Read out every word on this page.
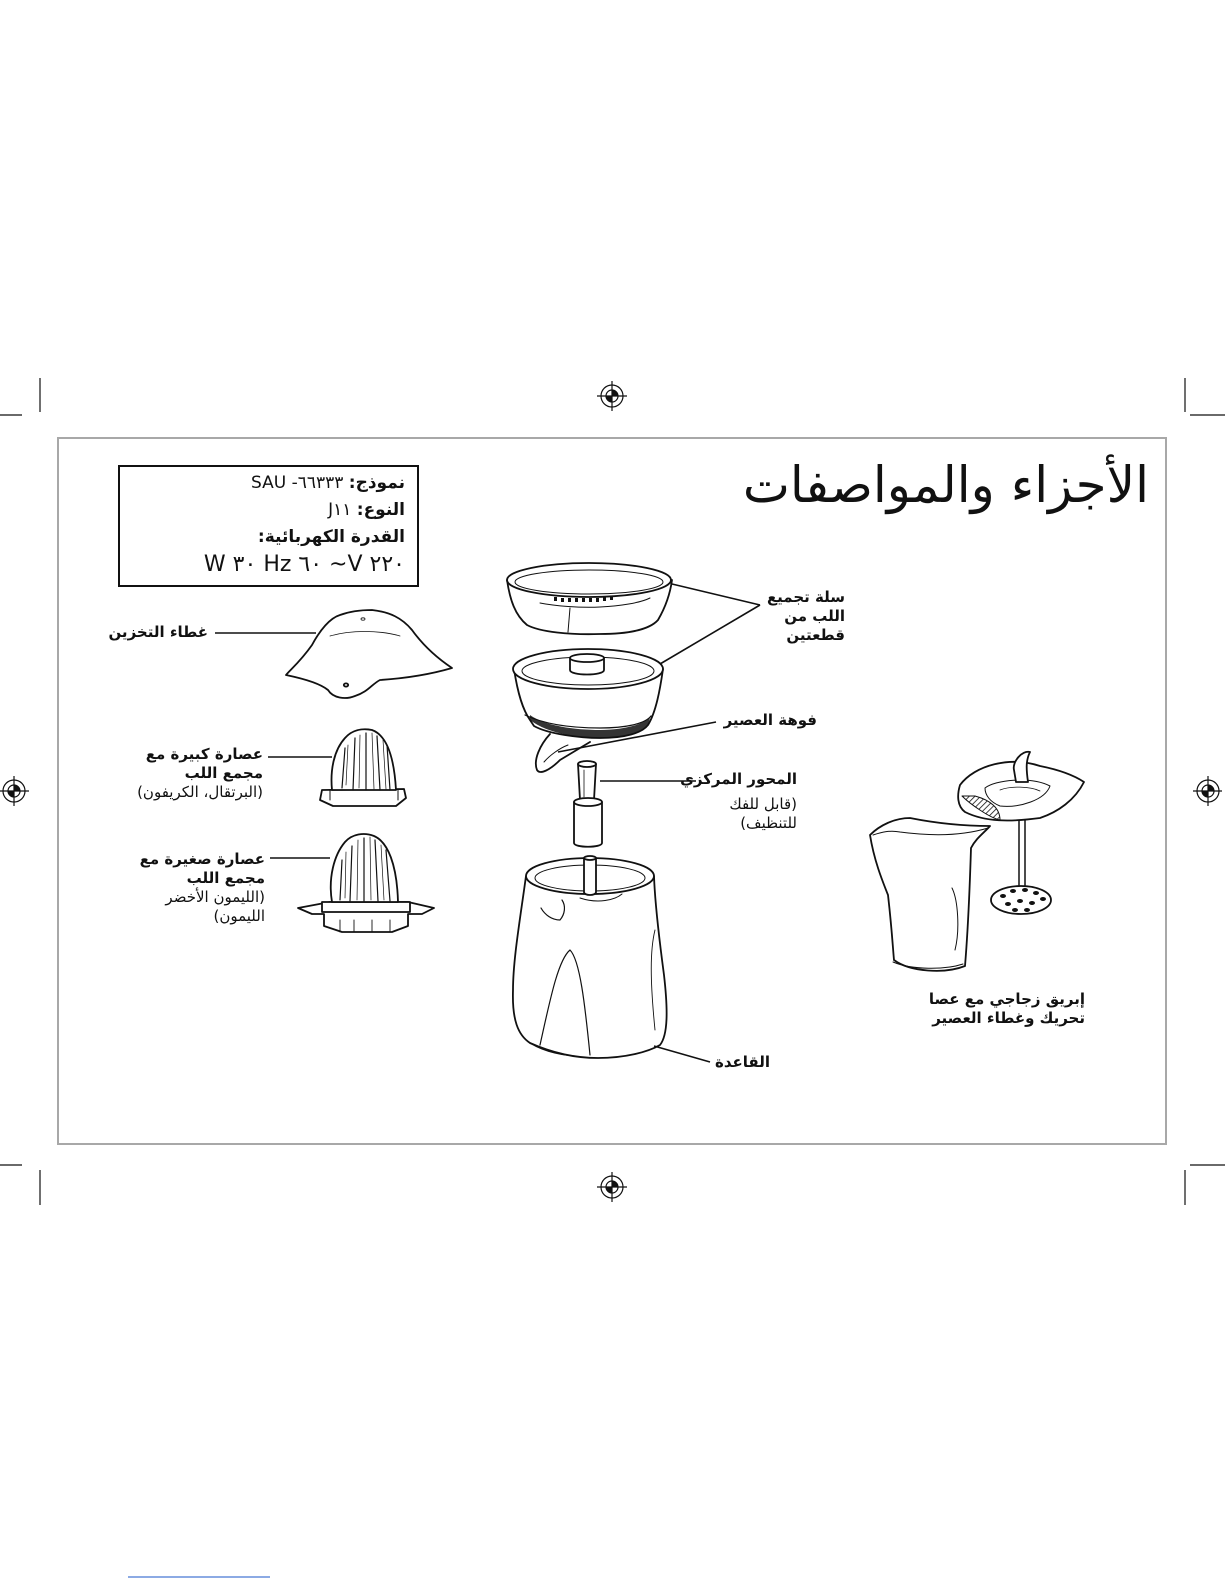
الأجزاء والمواصفات
نموذج: ٦٦٣٣٣- SAU
النوع: J١١
القدرة الكهربائية:
٢٢٠ V~ ٦٠ Hz ٣٠ W
غطاء التخزين
عصارة كبيرة مع
مجمع اللب
(البرتقال، الكريفون)
عصارة صغيرة مع
مجمع اللب
(الليمون الأخضر
الليمون)
سلة تجميع
اللب من
قطعتين
فوهة العصير
المحور المركزي
(قابل للفك
للتنظيف)
القاعدة
إبريق زجاجي مع عصا
تحريك وغطاء العصير
